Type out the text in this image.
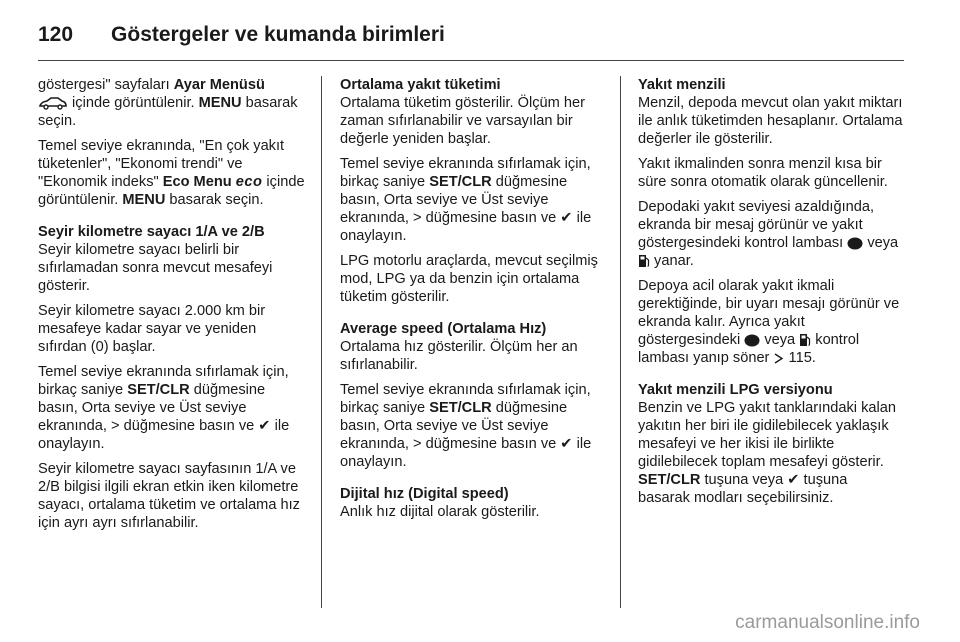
120 Göstergeler ve kumanda birimleri

göstergesi" sayfaları Ayar Menüsü
içinde görüntülenir. MENU basarak seçin.

Temel seviye ekranında, "En çok yakıt tüketenler", "Ekonomi trendi" ve "Ekonomik indeks" Eco Menu eco içinde görüntülenir. MENU basarak seçin.

Seyir kilometre sayacı 1/A ve 2/B

Seyir kilometre sayacı belirli bir sıfırlamadan sonra mevcut mesafeyi gösterir.

Seyir kilometre sayacı 2.000 km bir mesafeye kadar sayar ve yeniden sıfırdan (0) başlar.

Temel seviye ekranında sıfırlamak için, birkaç saniye SET/CLR düğmesine basın, Orta seviye ve Üst seviye ekranında, > düğmesine basın ve ✔ ile onaylayın.

Seyir kilometre sayacı sayfasının 1/A ve 2/B bilgisi ilgili ekran etkin iken kilometre sayacı, ortalama tüketim ve ortalama hız için ayrı ayrı sıfırlanabilir.

Ortalama yakıt tüketimi

Ortalama tüketim gösterilir. Ölçüm her zaman sıfırlanabilir ve varsayılan bir değerle yeniden başlar.

Temel seviye ekranında sıfırlamak için, birkaç saniye SET/CLR düğmesine basın, Orta seviye ve Üst seviye ekranında, > düğmesine basın ve ✔ ile onaylayın.

LPG motorlu araçlarda, mevcut seçilmiş mod, LPG ya da benzin için ortalama tüketim gösterilir.

Average speed (Ortalama Hız)

Ortalama hız gösterilir. Ölçüm her an sıfırlanabilir.

Temel seviye ekranında sıfırlamak için, birkaç saniye SET/CLR düğmesine basın, Orta seviye ve Üst seviye ekranında, > düğmesine basın ve ✔ ile onaylayın.

Dijital hız (Digital speed)

Anlık hız dijital olarak gösterilir.

Yakıt menzili

Menzil, depoda mevcut olan yakıt miktarı ile anlık tüketimden hesaplanır. Ortalama değerler ile gösterilir.

Yakıt ikmalinden sonra menzil kısa bir süre sonra otomatik olarak güncellenir.

Depodaki yakıt seviyesi azaldığında, ekranda bir mesaj görünür ve yakıt göstergesindeki kontrol lambası  veya  yanar.

Depoya acil olarak yakıt ikmali gerektiğinde, bir uyarı mesajı görünür ve ekranda kalır. Ayrıca yakıt göstergesindeki  veya  kontrol lambası yanıp söner  115.

Yakıt menzili LPG versiyonu

Benzin ve LPG yakıt tanklarındaki kalan yakıtın her biri ile gidilebilecek yaklaşık mesafeyi ve her ikisi ile birlikte gidilebilecek toplam mesafeyi gösterir. SET/CLR tuşuna veya ✔ tuşuna basarak modları seçebilirsiniz.

carmanualsonline.info
